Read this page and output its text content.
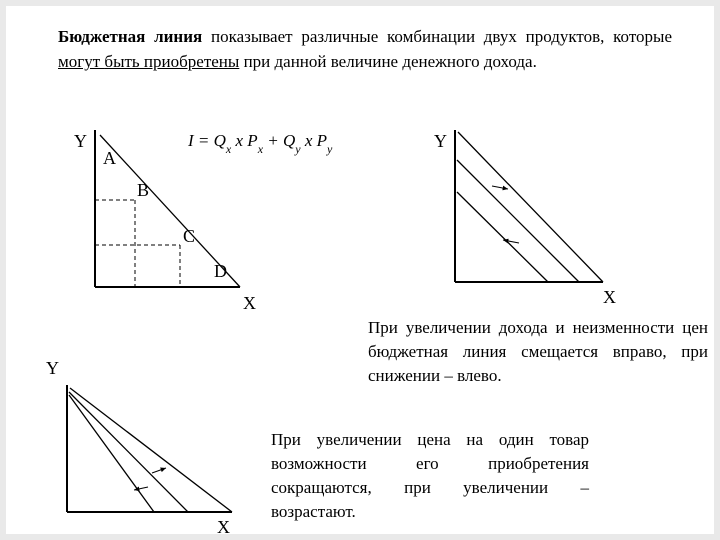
Бюджетная линия показывает различные комбинации двух продуктов, которые могут быть приобретены при данной величине денежного дохода.
Y
X
A
B
C
D
$I = Q_x$ x $P_x + Q_y$ x $P_y$	Y
X
Y
X
При увеличении дохода и неизменности цен бюджетная линия смещается вправо, при снижении – влево.
При увеличении цена на один товар возможности его приобретения сокращаются, при увеличении – возрастают.
